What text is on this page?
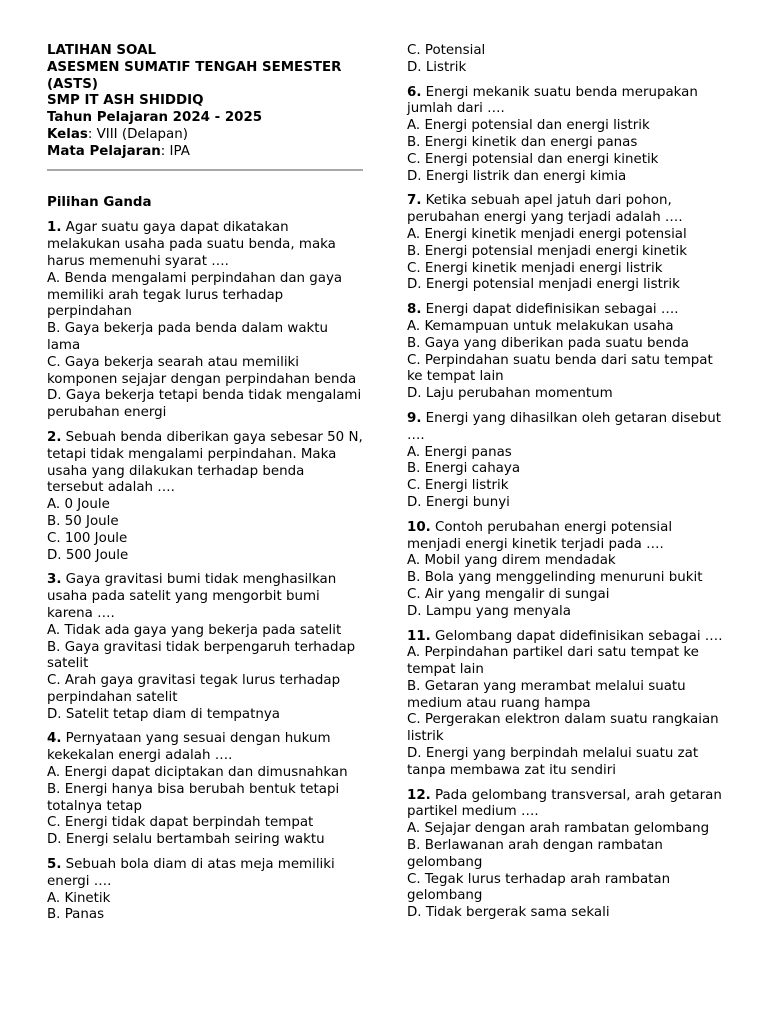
LATIHAN SOAL
ASESMEN SUMATIF TENGAH SEMESTER (ASTS)
SMP IT ASH SHIDDIQ
Tahun Pelajaran 2024 - 2025
Kelas: VIII (Delapan)
Mata Pelajaran: IPA
Pilihan Ganda
1. Agar suatu gaya dapat dikatakan melakukan usaha pada suatu benda, maka harus memenuhi syarat ….
A. Benda mengalami perpindahan dan gaya memiliki arah tegak lurus terhadap perpindahan
B. Gaya bekerja pada benda dalam waktu lama
C. Gaya bekerja searah atau memiliki komponen sejajar dengan perpindahan benda
D. Gaya bekerja tetapi benda tidak mengalami perubahan energi
2. Sebuah benda diberikan gaya sebesar 50 N, tetapi tidak mengalami perpindahan. Maka usaha yang dilakukan terhadap benda tersebut adalah ….
A. 0 Joule
B. 50 Joule
C. 100 Joule
D. 500 Joule
3. Gaya gravitasi bumi tidak menghasilkan usaha pada satelit yang mengorbit bumi karena ….
A. Tidak ada gaya yang bekerja pada satelit
B. Gaya gravitasi tidak berpengaruh terhadap satelit
C. Arah gaya gravitasi tegak lurus terhadap perpindahan satelit
D. Satelit tetap diam di tempatnya
4. Pernyataan yang sesuai dengan hukum kekekalan energi adalah ….
A. Energi dapat diciptakan dan dimusnahkan
B. Energi hanya bisa berubah bentuk tetapi totalnya tetap
C. Energi tidak dapat berpindah tempat
D. Energi selalu bertambah seiring waktu
5. Sebuah bola diam di atas meja memiliki energi ….
A. Kinetik
B. Panas
C. Potensial
D. Listrik
6. Energi mekanik suatu benda merupakan jumlah dari ….
A. Energi potensial dan energi listrik
B. Energi kinetik dan energi panas
C. Energi potensial dan energi kinetik
D. Energi listrik dan energi kimia
7. Ketika sebuah apel jatuh dari pohon, perubahan energi yang terjadi adalah ….
A. Energi kinetik menjadi energi potensial
B. Energi potensial menjadi energi kinetik
C. Energi kinetik menjadi energi listrik
D. Energi potensial menjadi energi listrik
8. Energi dapat didefinisikan sebagai ….
A. Kemampuan untuk melakukan usaha
B. Gaya yang diberikan pada suatu benda
C. Perpindahan suatu benda dari satu tempat ke tempat lain
D. Laju perubahan momentum
9. Energi yang dihasilkan oleh getaran disebut ….
A. Energi panas
B. Energi cahaya
C. Energi listrik
D. Energi bunyi
10. Contoh perubahan energi potensial menjadi energi kinetik terjadi pada ….
A. Mobil yang direm mendadak
B. Bola yang menggelinding menuruni bukit
C. Air yang mengalir di sungai
D. Lampu yang menyala
11. Gelombang dapat didefinisikan sebagai ….
A. Perpindahan partikel dari satu tempat ke tempat lain
B. Getaran yang merambat melalui suatu medium atau ruang hampa
C. Pergerakan elektron dalam suatu rangkaian listrik
D. Energi yang berpindah melalui suatu zat tanpa membawa zat itu sendiri
12. Pada gelombang transversal, arah getaran partikel medium ….
A. Sejajar dengan arah rambatan gelombang
B. Berlawanan arah dengan rambatan gelombang
C. Tegak lurus terhadap arah rambatan gelombang
D. Tidak bergerak sama sekali
